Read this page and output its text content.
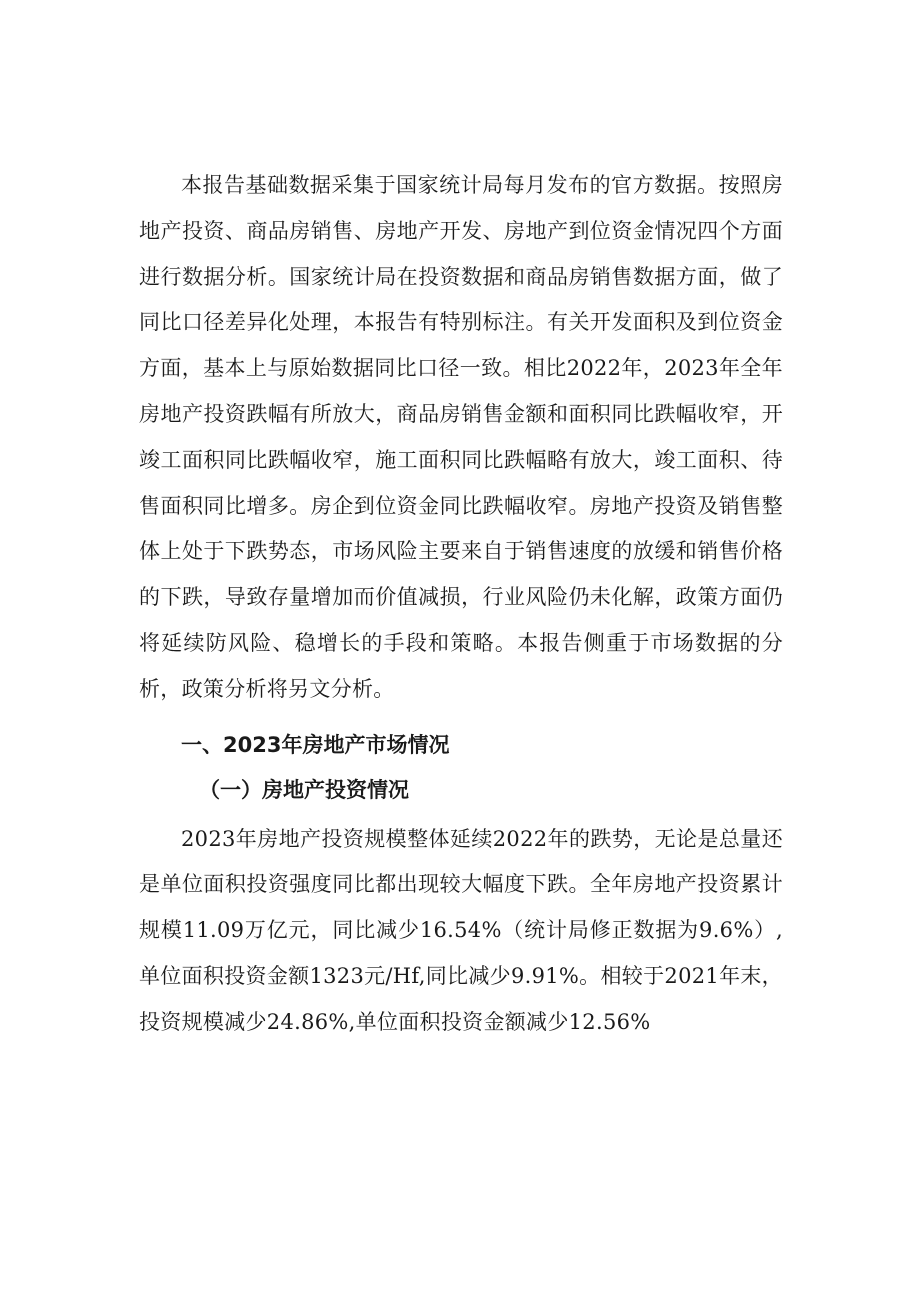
本报告基础数据采集于国家统计局每月发布的官方数据。按照房地产投资、商品房销售、房地产开发、房地产到位资金情况四个方面进行数据分析。国家统计局在投资数据和商品房销售数据方面，做了同比口径差异化处理，本报告有特别标注。有关开发面积及到位资金方面，基本上与原始数据同比口径一致。相比2022年，2023年全年房地产投资跌幅有所放大，商品房销售金额和面积同比跌幅收窄，开竣工面积同比跌幅收窄，施工面积同比跌幅略有放大，竣工面积、待售面积同比增多。房企到位资金同比跌幅收窄。房地产投资及销售整体上处于下跌势态，市场风险主要来自于销售速度的放缓和销售价格的下跌，导致存量增加而价值减损，行业风险仍未化解，政策方面仍将延续防风险、稳增长的手段和策略。本报告侧重于市场数据的分析，政策分析将另文分析。

一、2023年房地产市场情况
（一）房地产投资情况

2023年房地产投资规模整体延续2022年的跌势，无论是总量还是单位面积投资强度同比都出现较大幅度下跌。全年房地产投资累计规模11.09万亿元，同比减少16.54%（统计局修正数据为9.6%）,单位面积投资金额1323元/Hf,同比减少9.91%。相较于2021年末，投资规模减少24.86%,单位面积投资金额减少12.56%
